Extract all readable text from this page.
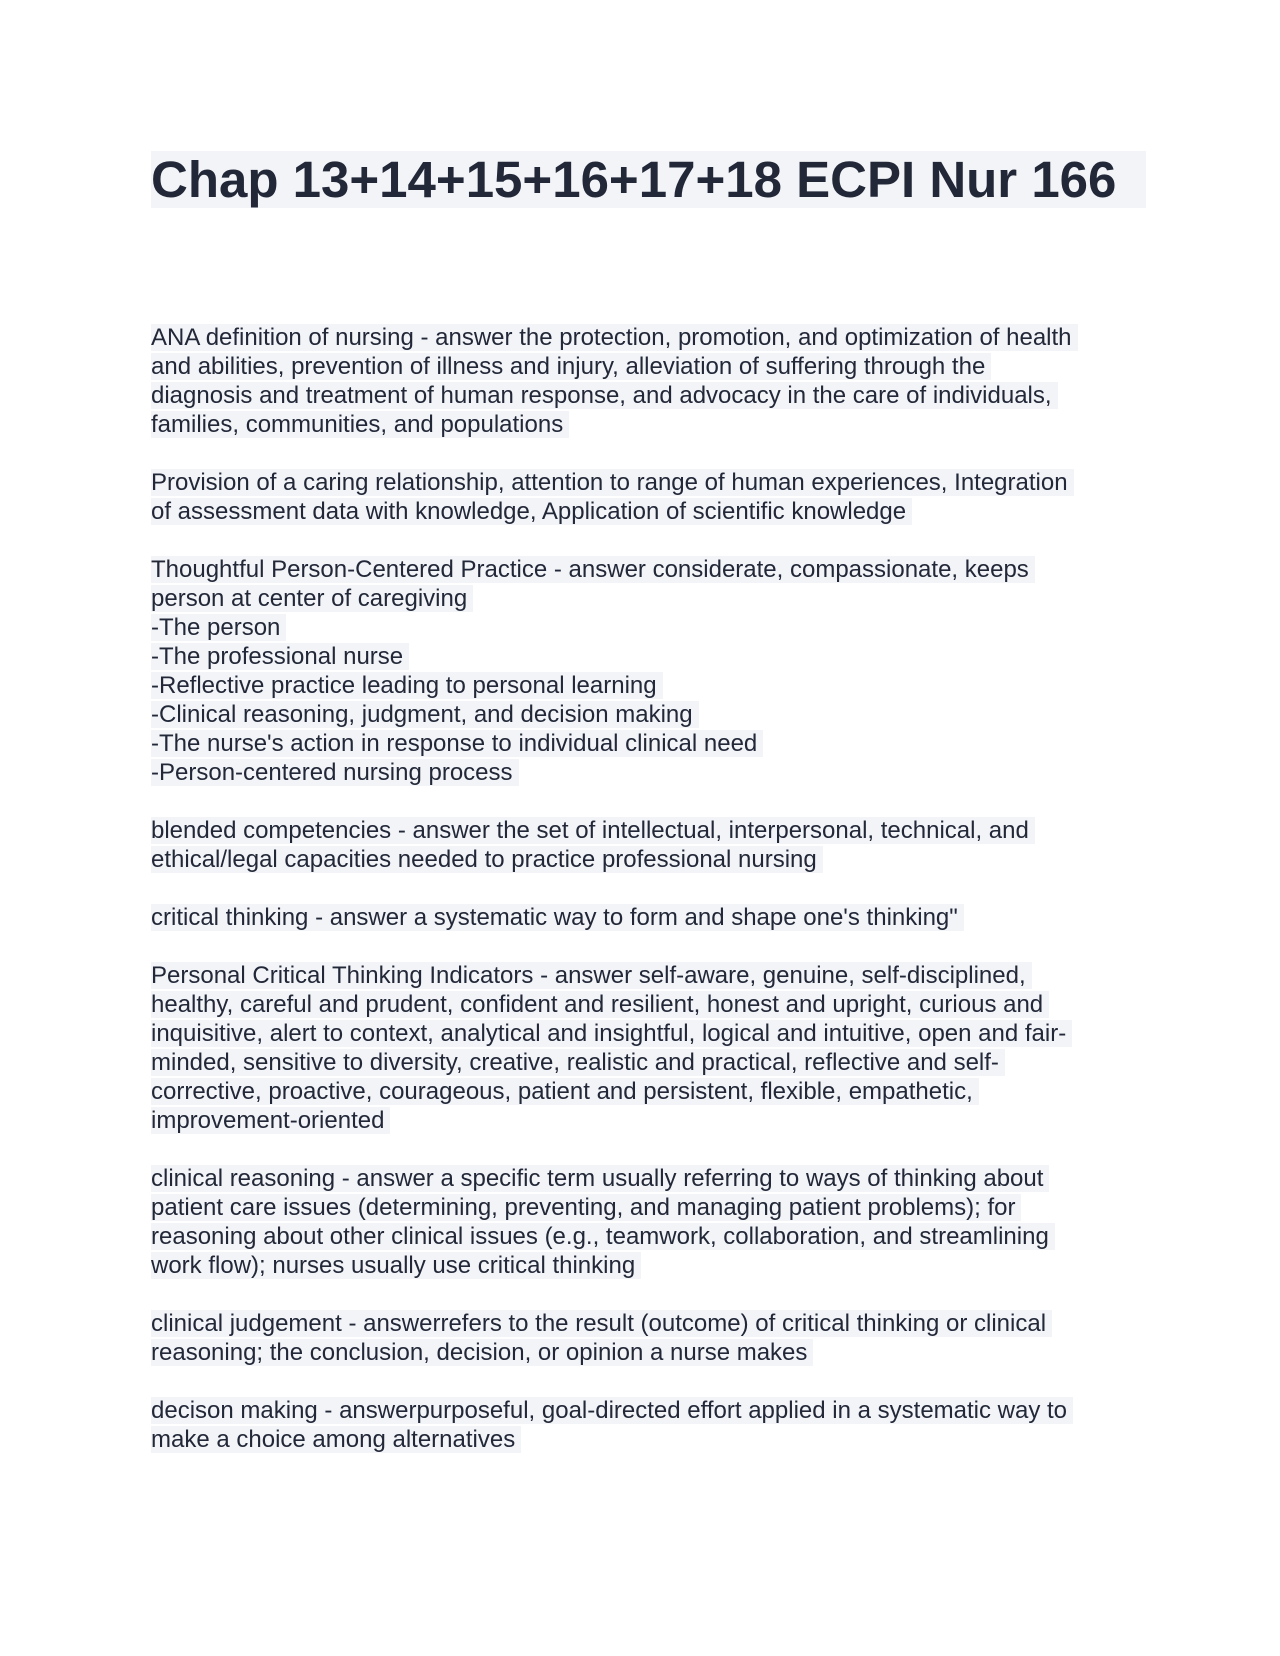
Chap 13+14+15+16+17+18 ECPI Nur 166

ANA definition of nursing - answer the protection, promotion, and optimization of health
and abilities, prevention of illness and injury, alleviation of suffering through the
diagnosis and treatment of human response, and advocacy in the care of individuals,
families, communities, and populations

Provision of a caring relationship, attention to range of human experiences, Integration
of assessment data with knowledge, Application of scientific knowledge

Thoughtful Person-Centered Practice - answer considerate, compassionate, keeps
person at center of caregiving
-The person
-The professional nurse
-Reflective practice leading to personal learning
-Clinical reasoning, judgment, and decision making
-The nurse's action in response to individual clinical need
-Person-centered nursing process

blended competencies - answer the set of intellectual, interpersonal, technical, and
ethical/legal capacities needed to practice professional nursing

critical thinking - answer a systematic way to form and shape one's thinking"

Personal Critical Thinking Indicators - answer self-aware, genuine, self-disciplined,
healthy, careful and prudent, confident and resilient, honest and upright, curious and
inquisitive, alert to context, analytical and insightful, logical and intuitive, open and fair-
minded, sensitive to diversity, creative, realistic and practical, reflective and self-
corrective, proactive, courageous, patient and persistent, flexible, empathetic,
improvement-oriented

clinical reasoning - answer a specific term usually referring to ways of thinking about
patient care issues (determining, preventing, and managing patient problems); for
reasoning about other clinical issues (e.g., teamwork, collaboration, and streamlining
work flow); nurses usually use critical thinking

clinical judgement - answerrefers to the result (outcome) of critical thinking or clinical
reasoning; the conclusion, decision, or opinion a nurse makes

decison making - answerpurposeful, goal-directed effort applied in a systematic way to
make a choice among alternatives
